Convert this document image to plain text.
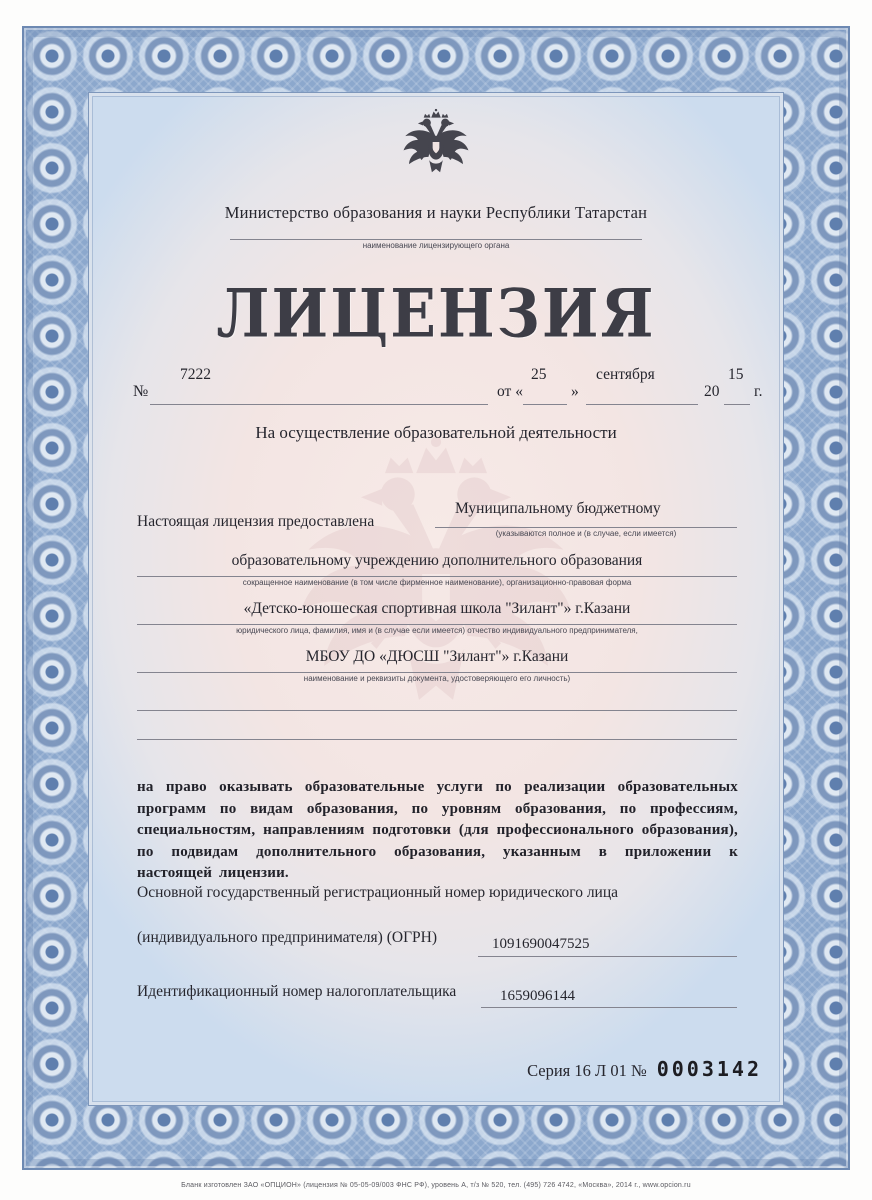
Министерство образования и науки Республики Татарстан
наименование лицензирующего органа
ЛИЦЕНЗИЯ
№
7222
от «
25
»
сентября
20
15
г.
На осуществление образовательной деятельности
Настоящая лицензия предоставлена
Муниципальному бюджетному
(указываются полное и (в случае, если имеется)
образовательному учреждению дополнительного образования
сокращенное наименование (в том числе фирменное наименование), организационно-правовая форма
«Детско-юношеская спортивная школа "Зилант"» г.Казани
юридического лица, фамилия, имя и (в случае если имеется) отчество индивидуального предпринимателя,
МБОУ ДО «ДЮСШ "Зилант"» г.Казани
наименование и реквизиты документа, удостоверяющего его личность)
на право оказывать образовательные услуги по реализации образовательных программ по видам образования, по уровням образования, по профессиям, специальностям, направлениям подготовки (для профессионального образования), по подвидам дополнительного образования, указанным в приложении к настоящей лицензии.
Основной государственный регистрационный номер юридического лица
(индивидуального предпринимателя) (ОГРН)	1091690047525
Идентификационный номер налогоплательщика	1659096144
Серия 16 Л 01 № 0003142
Бланк изготовлен ЗАО «ОПЦИОН» (лицензия № 05-05-09/003 ФНС РФ), уровень А, т/з № 520, тел. (495) 726 4742, «Москва», 2014 г., www.opcion.ru
